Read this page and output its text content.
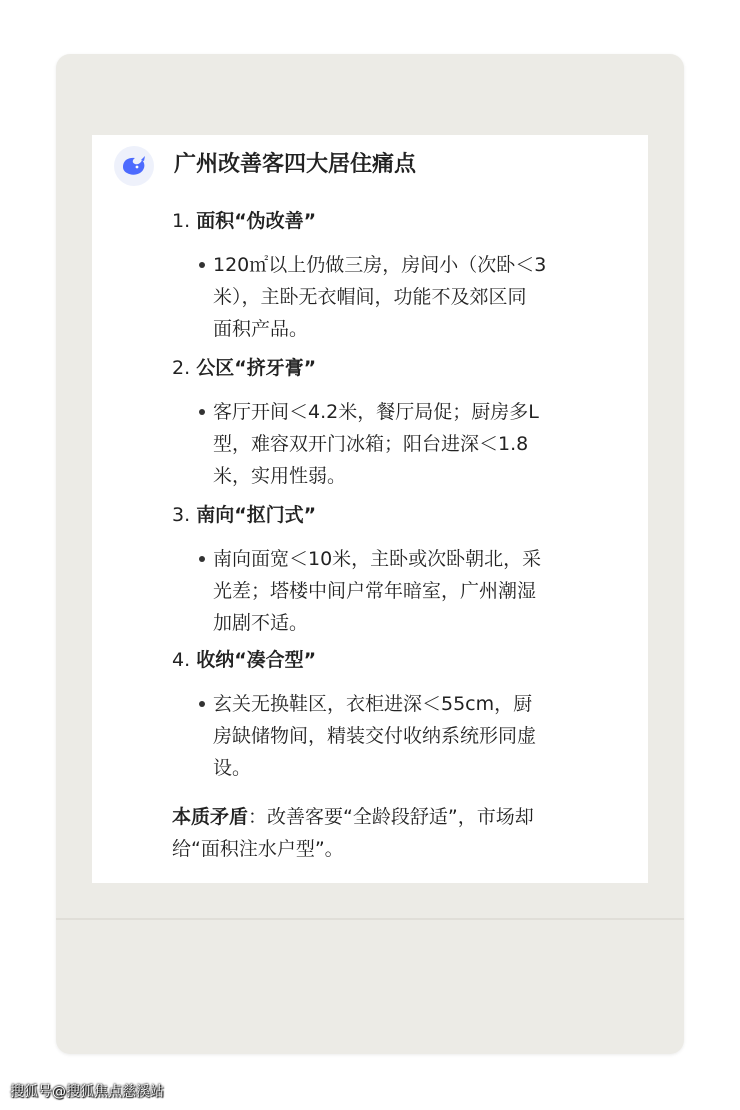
广州改善客四大居住痛点
1. 面积“伪改善”
120㎡以上仍做三房，房间小（次卧＜3
米），主卧无衣帽间，功能不及郊区同
面积产品。
2. 公区“挤牙膏”
客厅开间＜4.2米，餐厅局促；厨房多L
型，难容双开门冰箱；阳台进深＜1.8
米，实用性弱。
3. 南向“抠门式”
南向面宽＜10米，主卧或次卧朝北，采
光差；塔楼中间户常年暗室，广州潮湿
加剧不适。
4. 收纳“凑合型”
玄关无换鞋区，衣柜进深＜55cm，厨
房缺储物间，精装交付收纳系统形同虚
设。
本质矛盾：改善客要“全龄段舒适”，市场却
给“面积注水户型”。
搜狐号@搜狐焦点慈溪站
